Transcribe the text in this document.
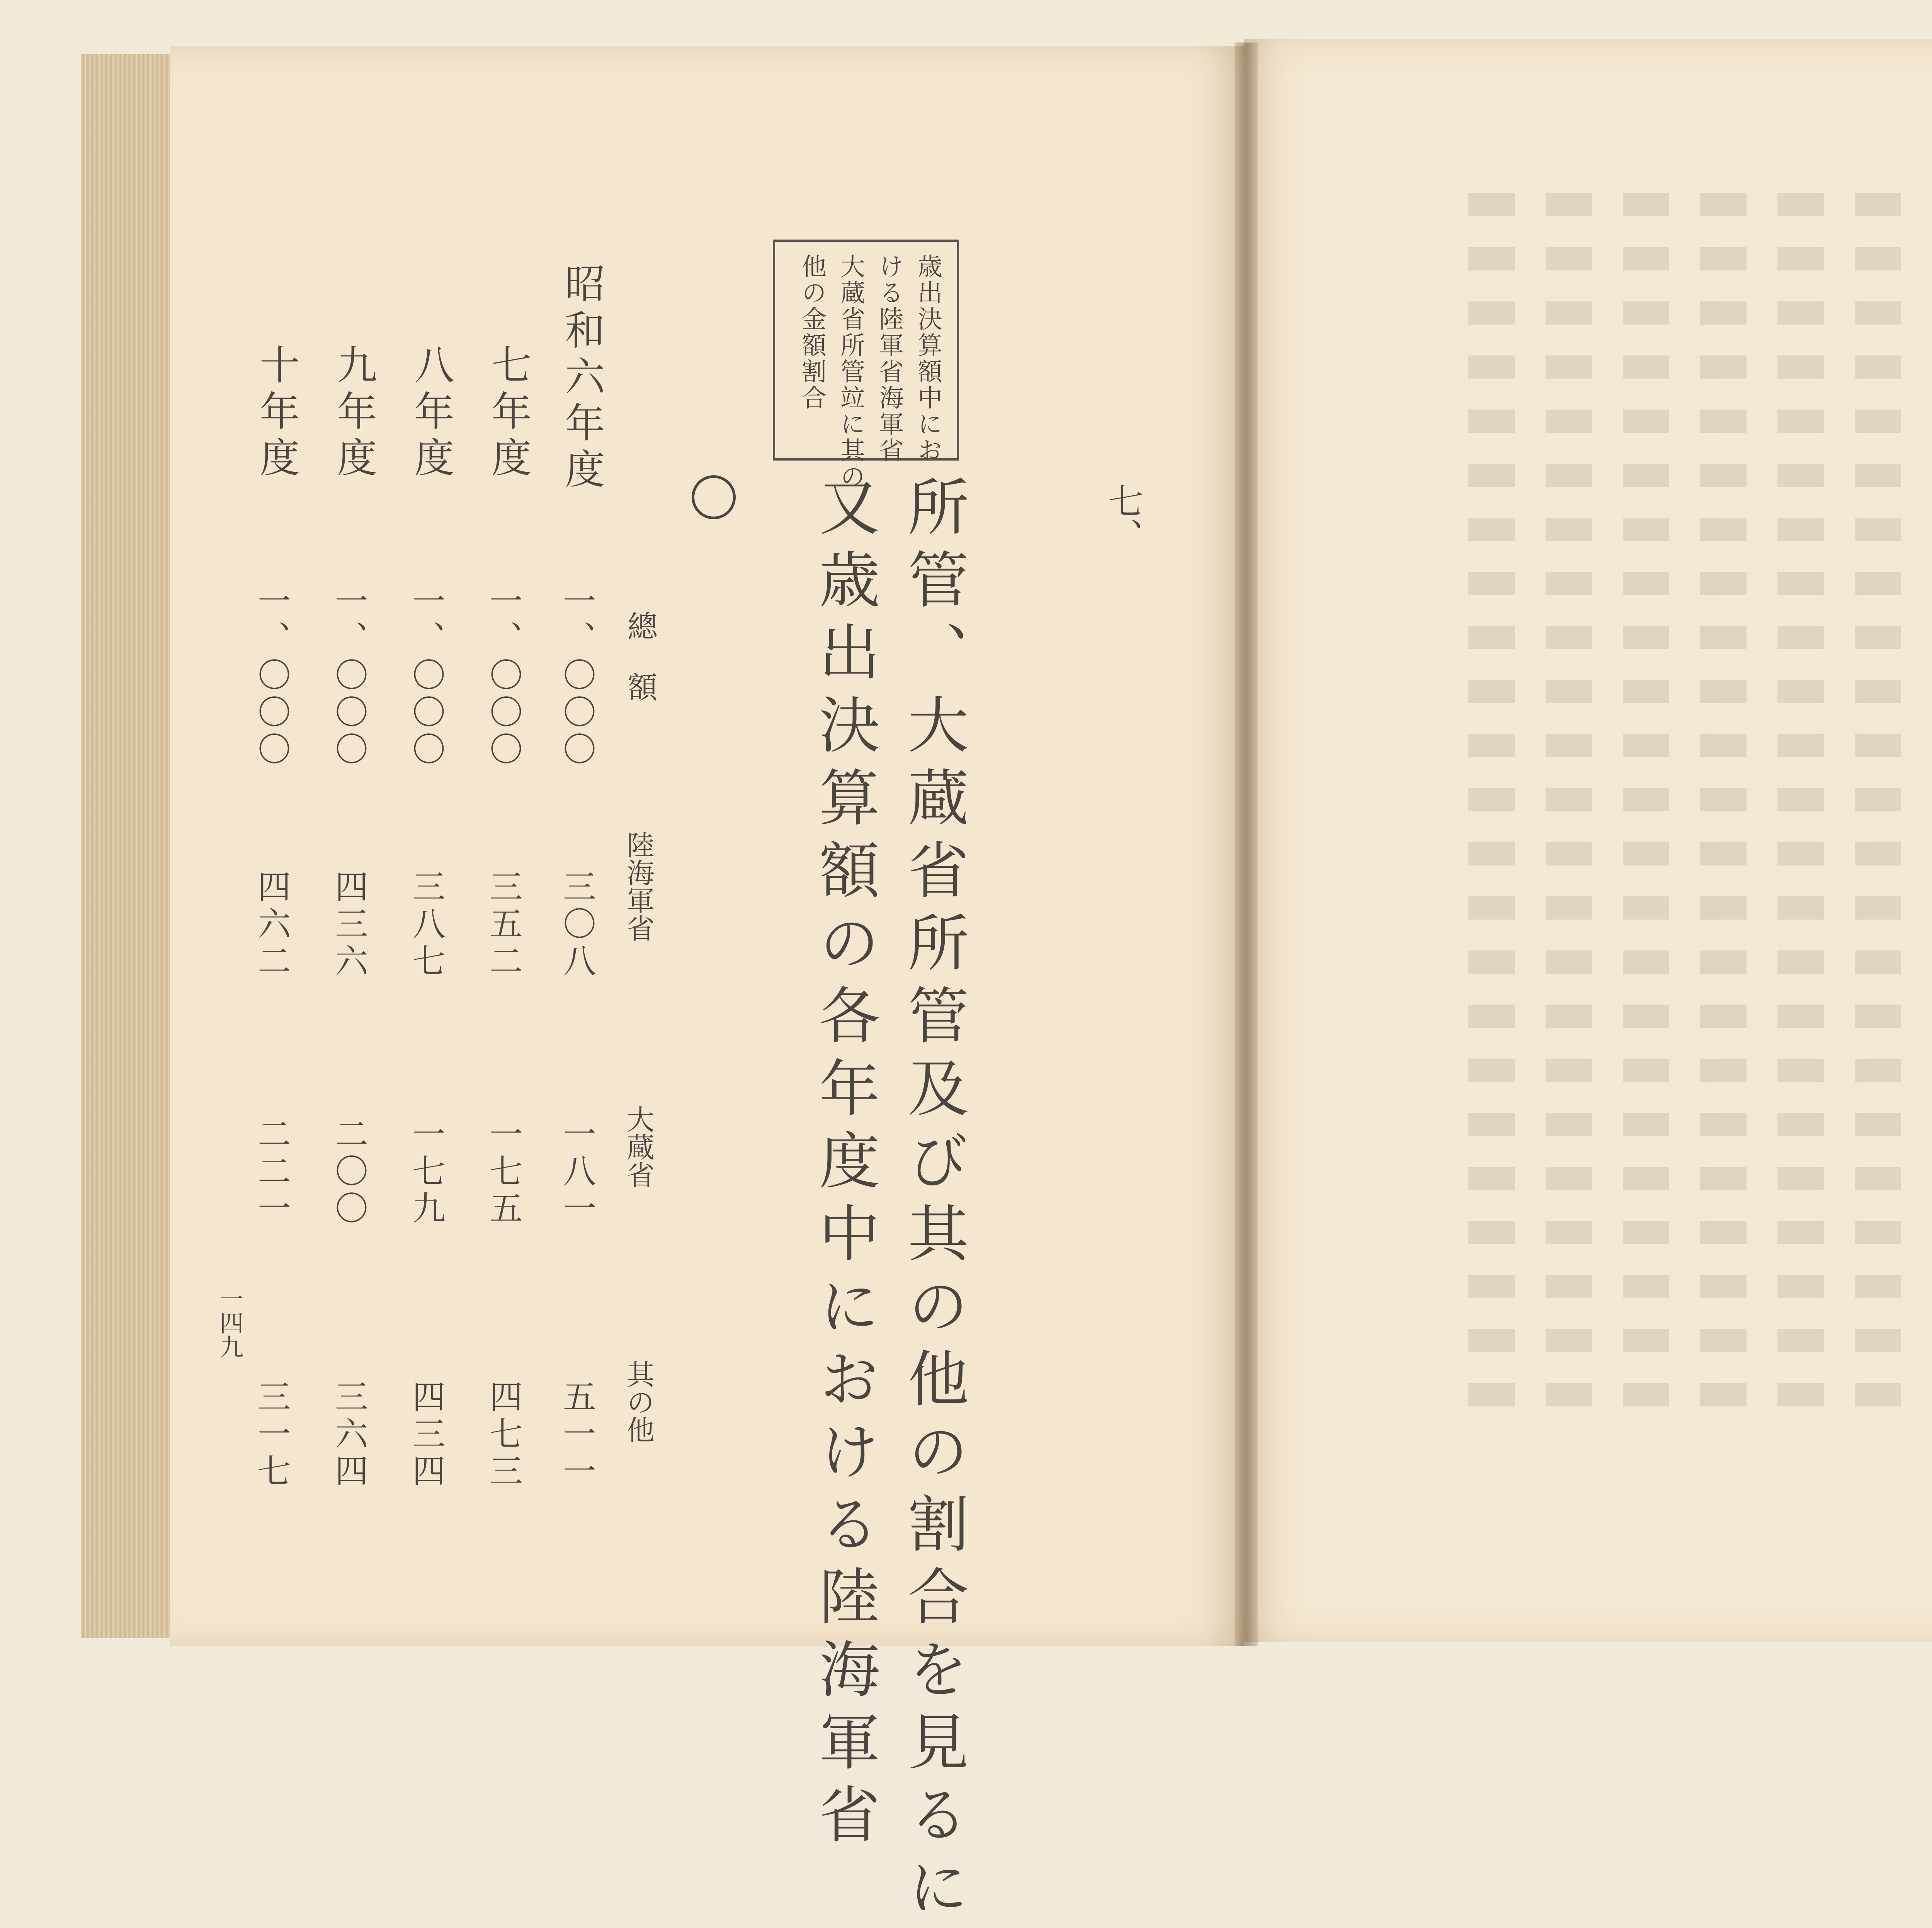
歳出決算額中にお

ける陸軍省海軍省

大蔵省所管竝に其の

他の金額割合

七、

又歳出決算額の各年度中における陸海軍省 所管、大蔵省所管及び其の他の割合を見るに

總額

陸海軍省

大蔵省

其の他

昭和六年度

一、〇〇〇

三〇八

一八一

五一一

七年度

一、〇〇〇

三五二

一七五

四七三

八年度

一、〇〇〇

三八七

一七九

四三四

九年度

一、〇〇〇

四三六

二〇〇

三六四

十年度

一、〇〇〇

四六二

二二一

三一七

一四九
